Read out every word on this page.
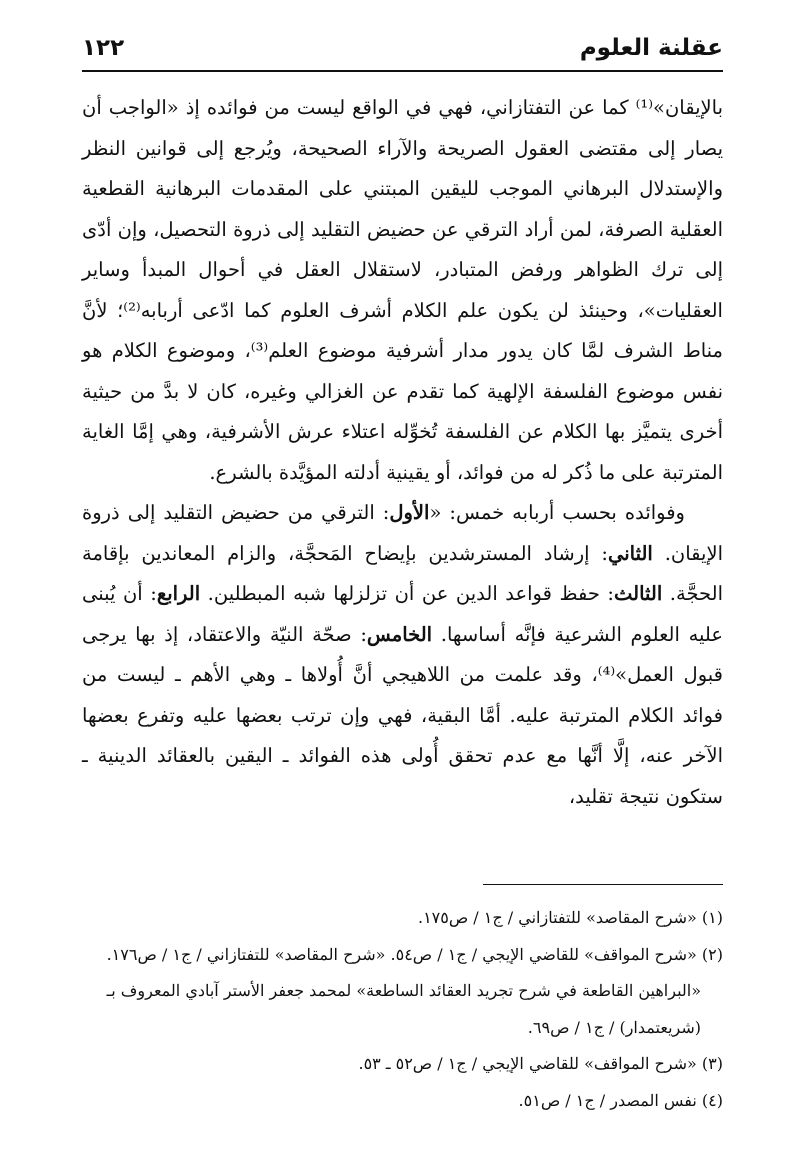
عقلنة العلوم
١٢٢

بالإيقان»⁽¹⁾ كما عن التفتازاني، فهي في الواقع ليست من فوائده إذ «الواجب أن يصار إلى مقتضى العقول الصريحة والآراء الصحيحة، ويُرجع إلى قوانين النظر والإستدلال البرهاني الموجب لليقين المبتني على المقدمات البرهانية القطعية العقلية الصرفة، لمن أراد الترقي عن حضيض التقليد إلى ذروة التحصيل، وإن أدّى إلى ترك الظواهر ورفض المتبادر، لاستقلال العقل في أحوال المبدأ وساير العقليات»، وحينئذ لن يكون علم الكلام أشرف العلوم كما ادّعى أربابه⁽²⁾؛ لأنَّ مناط الشرف لمَّا كان يدور مدار أشرفية موضوع العلم⁽³⁾، وموضوع الكلام هو نفس موضوع الفلسفة الإلهية كما تقدم عن الغزالي وغيره، كان لا بدَّ من حيثية أخرى يتميَّز بها الكلام عن الفلسفة تُخوِّله اعتلاء عرش الأشرفية، وهي إمَّا الغاية المترتبة على ما ذُكر له من فوائد، أو يقينية أدلته المؤيَّدة بالشرع.

وفوائده بحسب أربابه خمس: «الأول: الترقي من حضيض التقليد إلى ذروة الإيقان. الثاني: إرشاد المسترشدين بإيضاح المَحجَّة، والزام المعاندين بإقامة الحجَّة. الثالث: حفظ قواعد الدين عن أن تزلزلها شبه المبطلين. الرابع: أن يُبنى عليه العلوم الشرعية فإنَّه أساسها. الخامس: صحّة النيّة والاعتقاد، إذ بها يرجى قبول العمل»⁽⁴⁾، وقد علمت من اللاهيجي أنَّ أُولاها ـ وهي الأهم ـ ليست من فوائد الكلام المترتبة عليه. أمَّا البقية، فهي وإن ترتب بعضها عليه وتفرع بعضها الآخر عنه، إلَّا أنَّها مع عدم تحقق أُولى هذه الفوائد ـ اليقين بالعقائد الدينية ـ ستكون نتيجة تقليد،

(١) «شرح المقاصد» للتفتازاني / ج١ / ص١٧٥.

(٢) «شرح المواقف» للقاضي الإيجي / ج١ / ص٥٤. «شرح المقاصد» للتفتازاني / ج١ / ص١٧٦.

«البراهين القاطعة في شرح تجريد العقائد الساطعة» لمحمد جعفر الأستر آبادي المعروف بـ

(شريعتمدار) / ج١ / ص٦٩.

(٣) «شرح المواقف» للقاضي الإيجي / ج١ / ص٥٢ ـ ٥٣.

(٤) نفس المصدر / ج١ / ص٥١.
